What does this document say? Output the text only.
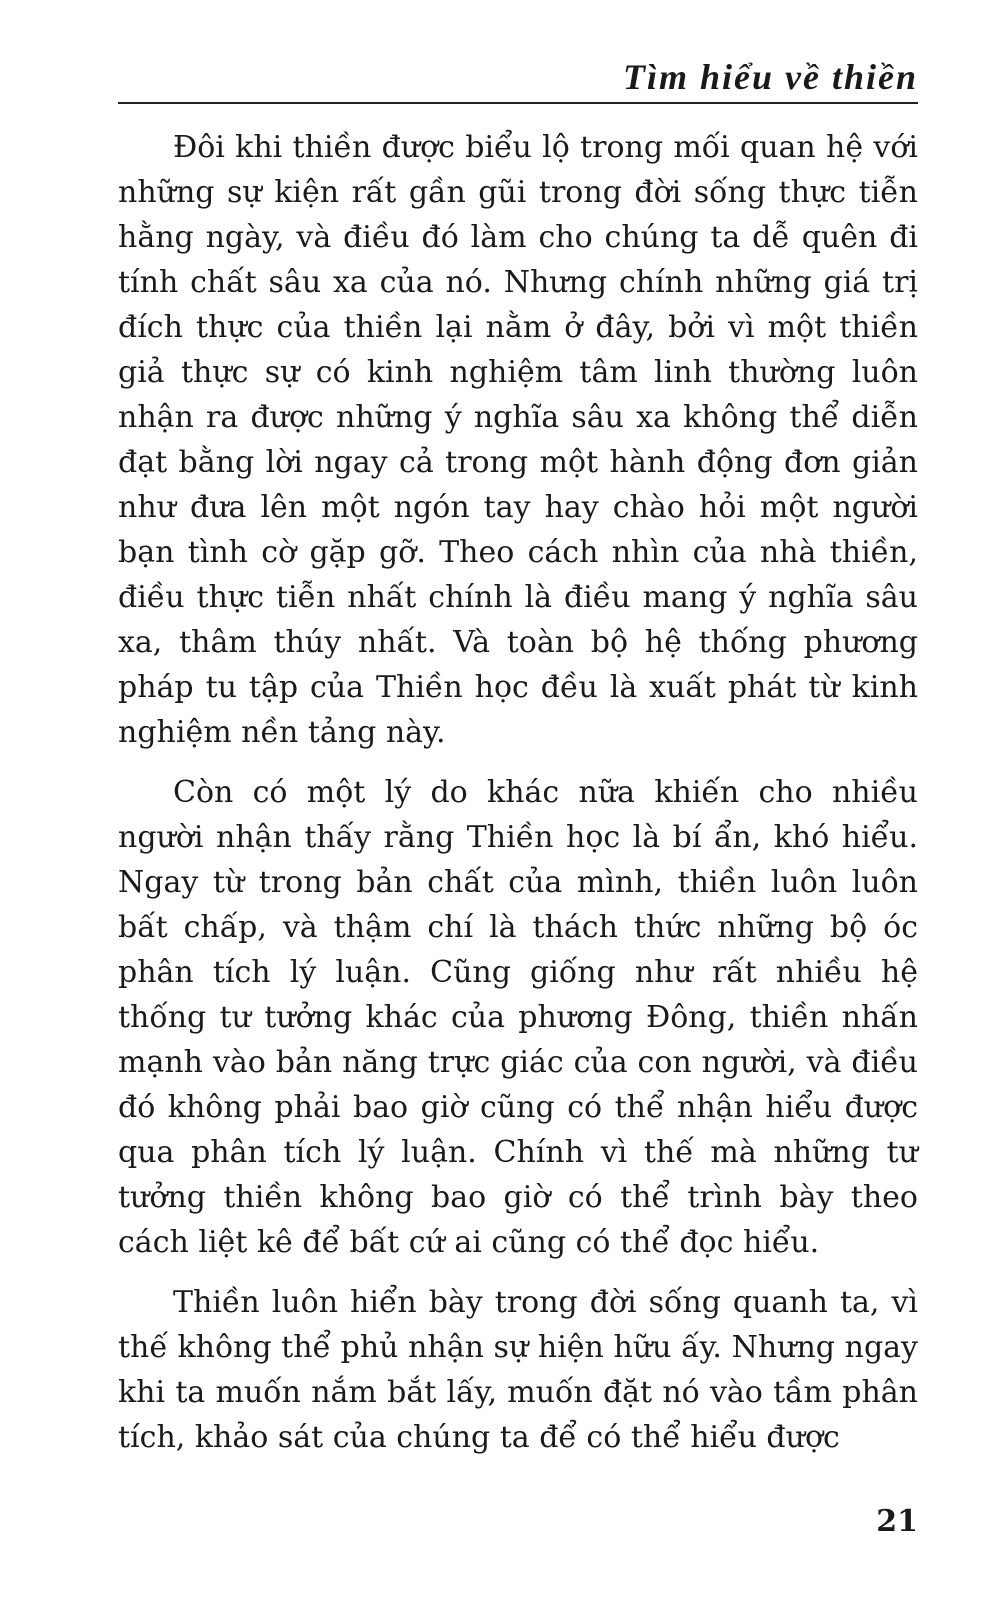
Tìm hiểu về thiền

Đôi khi thiền được biểu lộ trong mối quan hệ với những sự kiện rất gần gũi trong đời sống thực tiễn hằng ngày, và điều đó làm cho chúng ta dễ quên đi tính chất sâu xa của nó. Nhưng chính những giá trị đích thực của thiền lại nằm ở đây, bởi vì một thiền giả thực sự có kinh nghiệm tâm linh thường luôn nhận ra được những ý nghĩa sâu xa không thể diễn đạt bằng lời ngay cả trong một hành động đơn giản như đưa lên một ngón tay hay chào hỏi một người bạn tình cờ gặp gỡ. Theo cách nhìn của nhà thiền, điều thực tiễn nhất chính là điều mang ý nghĩa sâu xa, thâm thúy nhất. Và toàn bộ hệ thống phương pháp tu tập của Thiền học đều là xuất phát từ kinh nghiệm nền tảng này.

Còn có một lý do khác nữa khiến cho nhiều người nhận thấy rằng Thiền học là bí ẩn, khó hiểu. Ngay từ trong bản chất của mình, thiền luôn luôn bất chấp, và thậm chí là thách thức những bộ óc phân tích lý luận. Cũng giống như rất nhiều hệ thống tư tưởng khác của phương Đông, thiền nhấn mạnh vào bản năng trực giác của con người, và điều đó không phải bao giờ cũng có thể nhận hiểu được qua phân tích lý luận. Chính vì thế mà những tư tưởng thiền không bao giờ có thể trình bày theo cách liệt kê để bất cứ ai cũng có thể đọc hiểu.

Thiền luôn hiển bày trong đời sống quanh ta, vì thế không thể phủ nhận sự hiện hữu ấy. Nhưng ngay khi ta muốn nắm bắt lấy, muốn đặt nó vào tầm phân tích, khảo sát của chúng ta để có thể hiểu được

21
